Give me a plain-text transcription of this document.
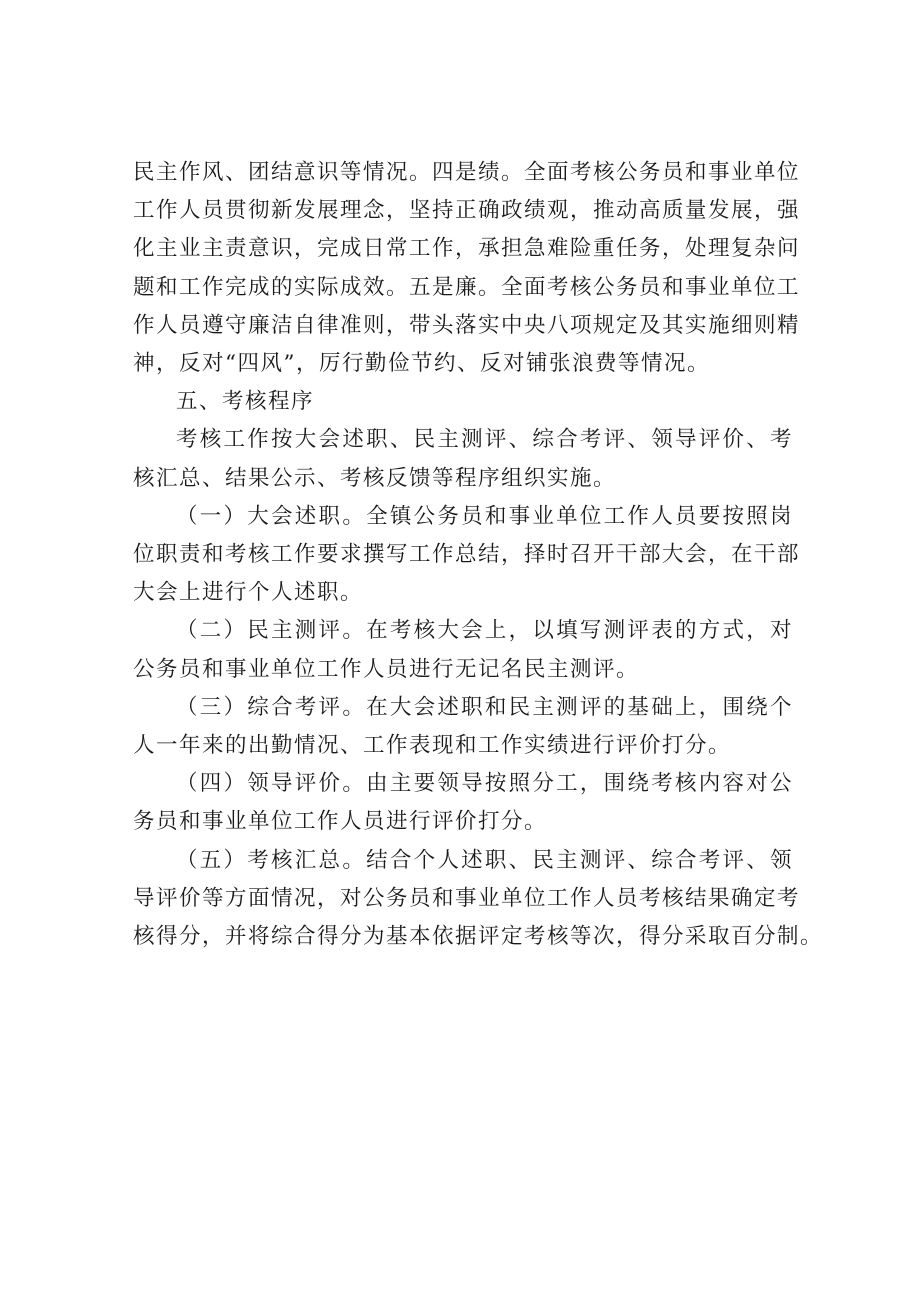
民主作风、团结意识等情况。四是绩。全面考核公务员和事业单位
工作人员贯彻新发展理念，坚持正确政绩观，推动高质量发展，强
化主业主责意识，完成日常工作，承担急难险重任务，处理复杂问
题和工作完成的实际成效。五是廉。全面考核公务员和事业单位工
作人员遵守廉洁自律准则，带头落实中央八项规定及其实施细则精
神，反对“四风”，厉行勤俭节约、反对铺张浪费等情况。

五、考核程序

考核工作按大会述职、民主测评、综合考评、领导评价、考
核汇总、结果公示、考核反馈等程序组织实施。

（一）大会述职。全镇公务员和事业单位工作人员要按照岗
位职责和考核工作要求撰写工作总结，择时召开干部大会，在干部
大会上进行个人述职。

（二）民主测评。在考核大会上，以填写测评表的方式，对
公务员和事业单位工作人员进行无记名民主测评。

（三）综合考评。在大会述职和民主测评的基础上，围绕个
人一年来的出勤情况、工作表现和工作实绩进行评价打分。

（四）领导评价。由主要领导按照分工，围绕考核内容对公
务员和事业单位工作人员进行评价打分。

（五）考核汇总。结合个人述职、民主测评、综合考评、领
导评价等方面情况，对公务员和事业单位工作人员考核结果确定考
核得分，并将综合得分为基本依据评定考核等次，得分采取百分制。
